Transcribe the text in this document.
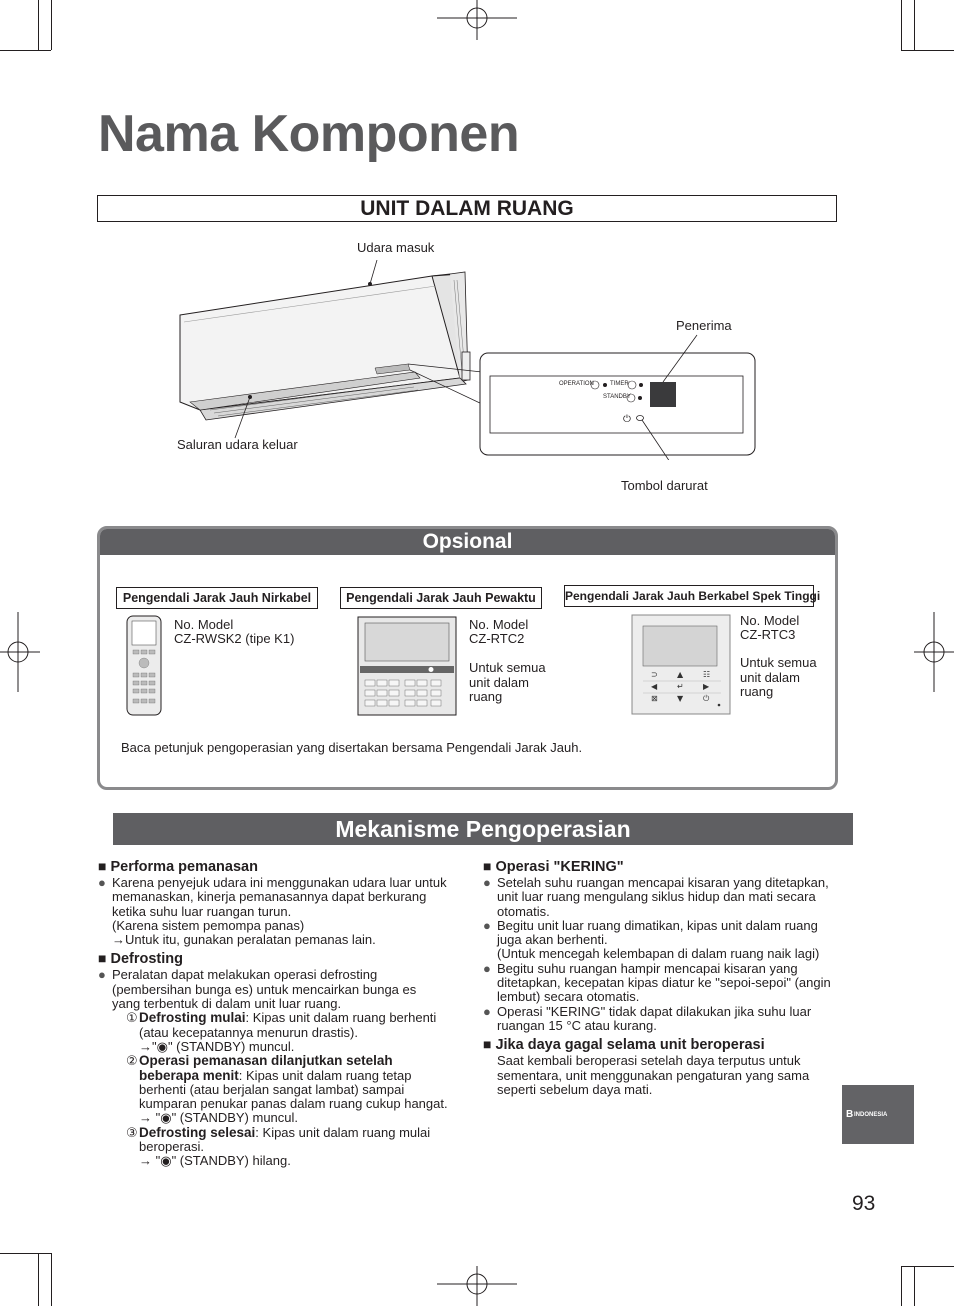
Nama Komponen
UNIT DALAM RUANG
⏻
OPERATION	TIMER
STANDBY
Udara masuk
Penerima
Saluran udara keluar
Tombol darurat
Opsional
Pengendali Jarak Jauh Nirkabel	Pengendali Jarak Jauh Pewaktu	Pengendali Jarak Jauh Berkabel Spek Tinggi
No. Model
CZ-RWSK2 (tipe K1)
No. Model
CZ-RTC2
Untuk semua unit dalam ruang
⊃ ▲ ☷
◀ ↵ ▶
⊠ ▼ ⏻
No. Model
CZ-RTC3
Untuk semua unit dalam ruang
Baca petunjuk pengoperasian yang disertakan bersama Pengendali Jarak Jauh.
Mekanisme Pengoperasian
■ Performa pemanasan
● Karena penyejuk udara ini menggunakan udara luar untuk memanaskan, kinerja pemanasannya dapat berkurang ketika suhu luar ruangan turun.
(Karena sistem pemompa panas)
→Untuk itu, gunakan peralatan pemanas lain.
■ Defrosting
● Peralatan dapat melakukan operasi defrosting (pembersihan bunga es) untuk mencairkan bunga es yang terbentuk di dalam unit luar ruang.
① Defrosting mulai: Kipas unit dalam ruang berhenti (atau kecepatannya menurun drastis).
→"◉" (STANDBY) muncul.
② Operasi pemanasan dilanjutkan setelah beberapa menit: Kipas unit dalam ruang tetap berhenti (atau berjalan sangat lambat) sampai kumparan penukar panas dalam ruang cukup hangat.
→ "◉" (STANDBY) muncul.
③ Defrosting selesai: Kipas unit dalam ruang mulai beroperasi.
→ "◉" (STANDBY) hilang.
■ Operasi "KERING"
● Setelah suhu ruangan mencapai kisaran yang ditetapkan, unit luar ruang mengulang siklus hidup dan mati secara otomatis.
● Begitu unit luar ruang dimatikan, kipas unit dalam ruang juga akan berhenti.
(Untuk mencegah kelembapan di dalam ruang naik lagi)
● Begitu suhu ruangan hampir mencapai kisaran yang ditetapkan, kecepatan kipas diatur ke "sepoi-sepoi" (angin lembut) secara otomatis.
● Operasi "KERING" tidak dapat dilakukan jika suhu luar ruangan 15 °C atau kurang.
■ Jika daya gagal selama unit beroperasi
Saat kembali beroperasi setelah daya terputus untuk sementara, unit menggunakan pengaturan yang sama seperti sebelum daya mati.
B INDONESIA
93
